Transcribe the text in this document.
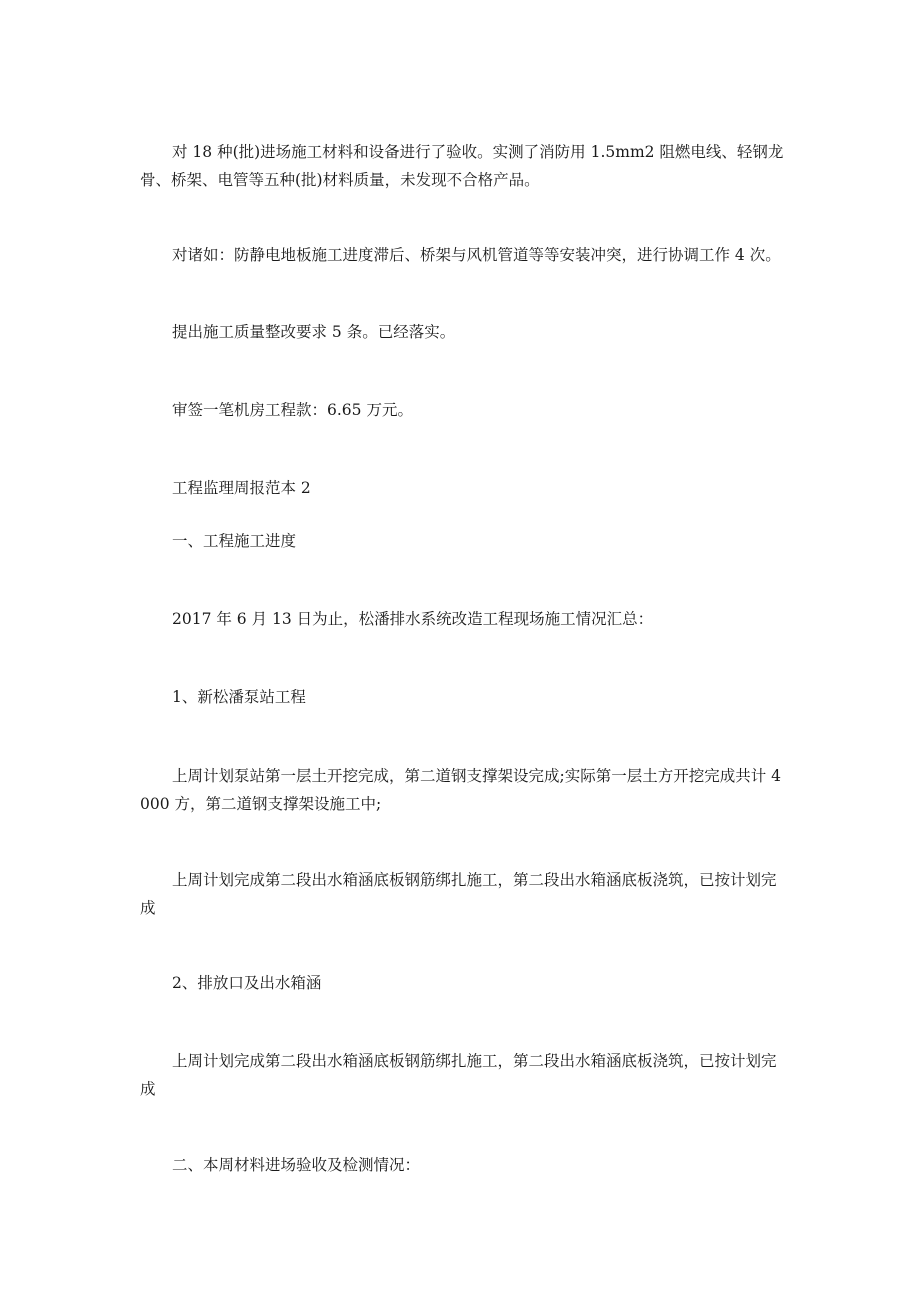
对 18 种(批)进场施工材料和设备进行了验收。实测了消防用 1.5mm2 阻燃电线、轻钢龙骨、桥架、电管等五种(批)材料质量，未发现不合格产品。

对诸如：防静电地板施工进度滞后、桥架与风机管道等等安装冲突，进行协调工作 4 次。

提出施工质量整改要求 5 条。已经落实。

审签一笔机房工程款：6.65 万元。

工程监理周报范本 2

一、工程施工进度

2017 年 6 月 13 日为止，松潘排水系统改造工程现场施工情况汇总：

1、新松潘泵站工程

上周计划泵站第一层土开挖完成，第二道钢支撑架设完成;实际第一层土方开挖完成共计 4000 方，第二道钢支撑架设施工中;

上周计划完成第二段出水箱涵底板钢筋绑扎施工，第二段出水箱涵底板浇筑，已按计划完成

2、排放口及出水箱涵

上周计划完成第二段出水箱涵底板钢筋绑扎施工，第二段出水箱涵底板浇筑，已按计划完成

二、本周材料进场验收及检测情况：
